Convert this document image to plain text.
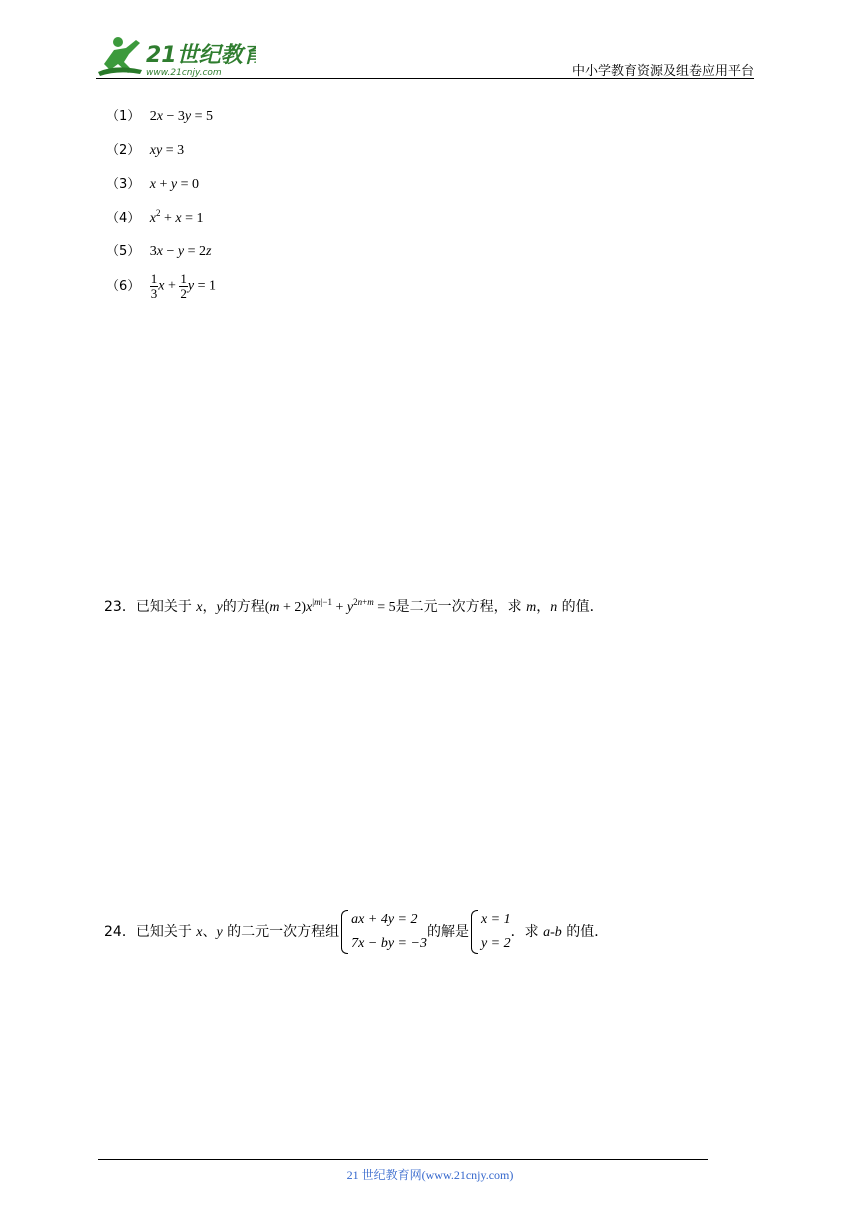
21世纪教育
www.21cnjy.com	中小学教育资源及组卷应用平台
（1） 2x − 3y = 5
（2） xy = 3
（3） x + y = 0
（4） $x^2 + x = 1$
（5） 3x − y = 2z
$(6) \frac{1}{3}$ $x + \frac{1}{2}$ y = 1
23．已知关于 x，y的方程$(m + 2)x^{|m|-1} + y^{2n+m} = 5$是二元一次方程，求 m，n 的值．
24．已知关于 x、y 的二元一次方程组
ax + 4y = 2
7x − by = −3
的解是
x = 1
y = 2
．求 a-b 的值．
21 世纪教育网(www.21cnjy.com)
